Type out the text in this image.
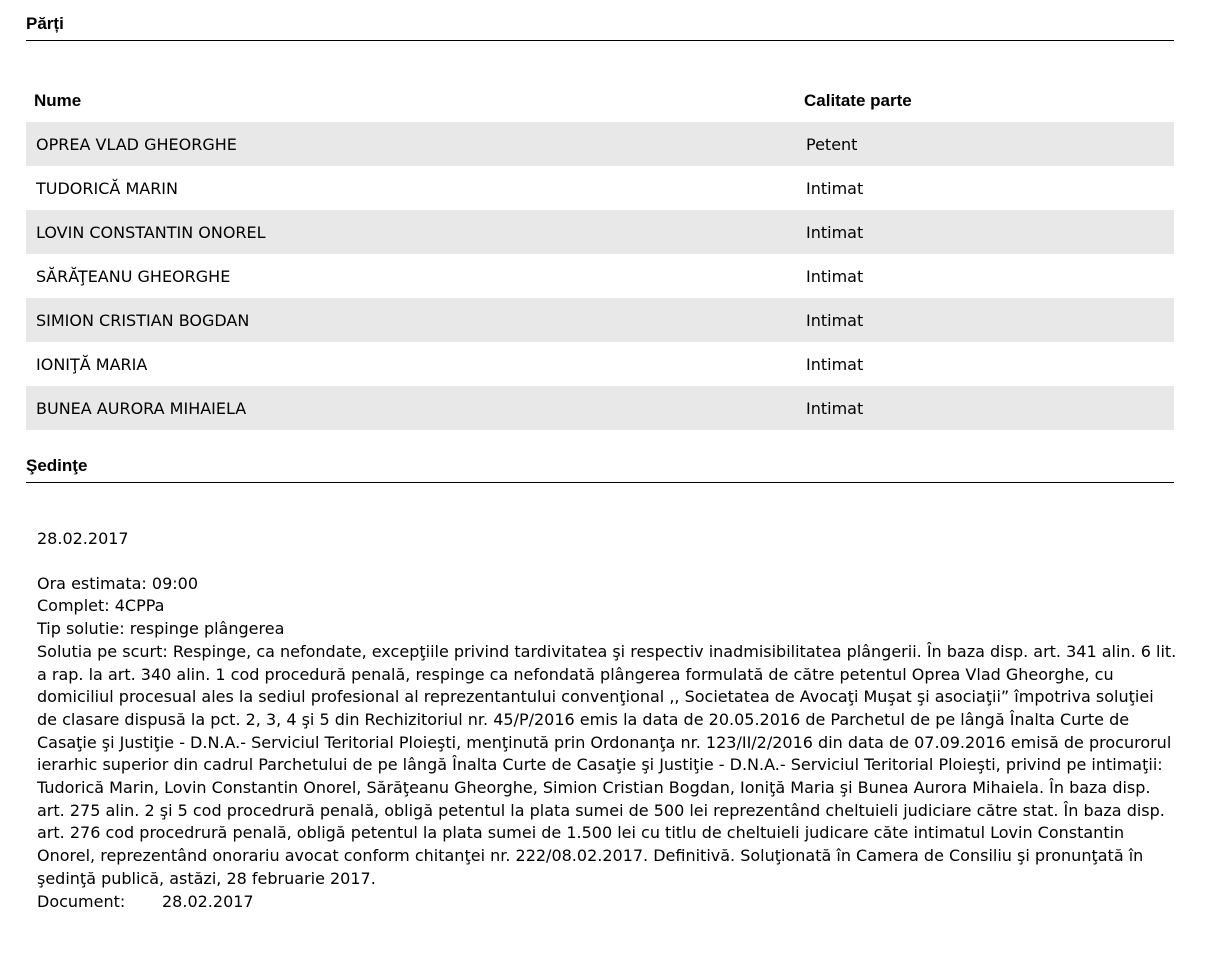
Părți
Nume	Calitate parte
OPREA VLAD GHEORGHE	Petent
TUDORICĂ MARIN	Intimat
LOVIN CONSTANTIN ONOREL	Intimat
SĂRĂŢEANU GHEORGHE	Intimat
SIMION CRISTIAN BOGDAN	Intimat
IONIŢĂ MARIA	Intimat
BUNEA AURORA MIHAIELA	Intimat
Şedinţe
28.02.2017
Ora estimata: 09:00
Complet: 4CPPa
Tip solutie: respinge plângerea
Solutia pe scurt: Respinge, ca nefondate, excepţiile privind tardivitatea şi respectiv inadmisibilitatea plângerii. În baza disp. art. 341 alin. 6 lit. a rap. la art. 340 alin. 1 cod procedură penală, respinge ca nefondată plângerea formulată de către petentul Oprea Vlad Gheorghe, cu domiciliul procesual ales la sediul profesional al reprezentantului convenţional ,, Societatea de Avocaţi Muşat şi asociaţii” împotriva soluţiei de clasare dispusă la pct. 2, 3, 4 şi 5 din Rechizitoriul nr. 45/P/2016 emis la data de 20.05.2016 de Parchetul de pe lângă Înalta Curte de Casaţie şi Justiţie - D.N.A.- Serviciul Teritorial Ploieşti, menţinută prin Ordonanţa nr. 123/II/2/2016 din data de 07.09.2016 emisă de procurorul ierarhic superior din cadrul Parchetului de pe lângă Înalta Curte de Casaţie şi Justiţie - D.N.A.- Serviciul Teritorial Ploieşti, privind pe intimaţii: Tudorică Marin, Lovin Constantin Onorel, Sărăţeanu Gheorghe, Simion Cristian Bogdan, Ioniţă Maria şi Bunea Aurora Mihaiela. În baza disp. art. 275 alin. 2 şi 5 cod procedrură penală, obligă petentul la plata sumei de 500 lei reprezentând cheltuieli judiciare către stat. În baza disp. art. 276 cod procedrură penală, obligă petentul la plata sumei de 1.500 lei cu titlu de cheltuieli judicare căte intimatul Lovin Constantin Onorel, reprezentând onorariu avocat conform chitanţei nr. 222/08.02.2017. Definitivă. Soluţionată în Camera de Consiliu şi pronunţată în şedinţă publică, astăzi, 28 februarie 2017.
Document: 28.02.2017
